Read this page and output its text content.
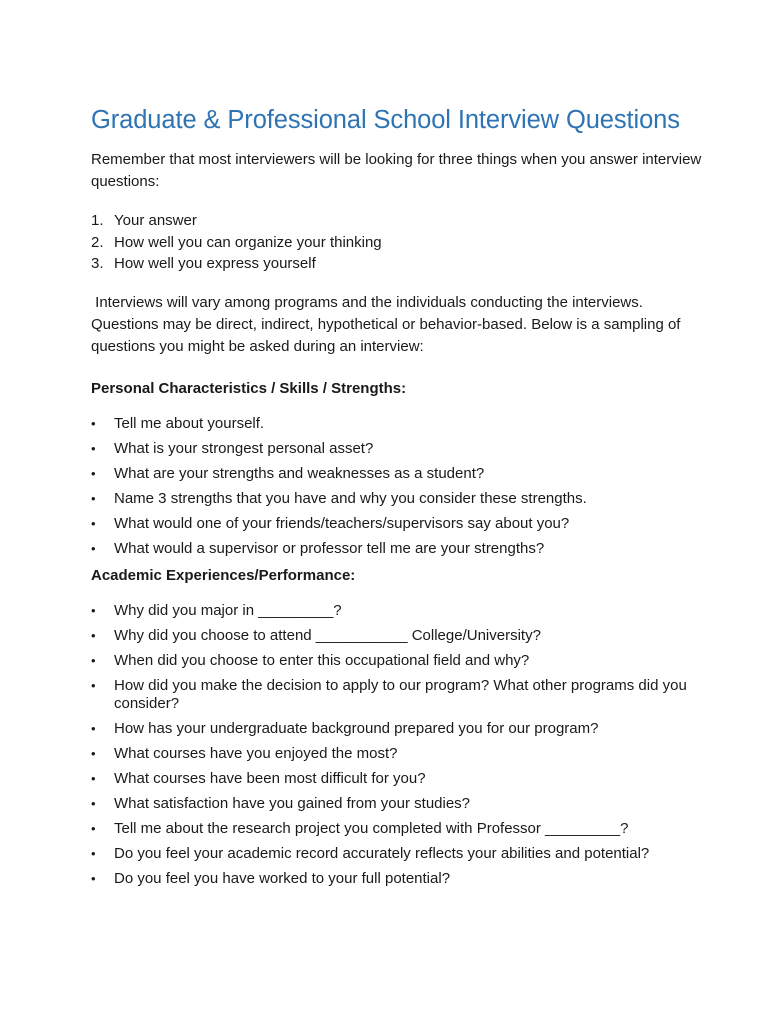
Graduate & Professional School Interview Questions

Remember that most interviewers will be looking for three things when you answer interview questions:

1. Your answer
2. How well you can organize your thinking
3. How well you express yourself

Interviews will vary among programs and the individuals conducting the interviews. Questions may be direct, indirect, hypothetical or behavior-based. Below is a sampling of questions you might be asked during an interview:

Personal Characteristics / Skills / Strengths:
• Tell me about yourself.
• What is your strongest personal asset?
• What are your strengths and weaknesses as a student?
• Name 3 strengths that you have and why you consider these strengths.
• What would one of your friends/teachers/supervisors say about you?
• What would a supervisor or professor tell me are your strengths?
Academic Experiences/Performance:
• Why did you major in _________?
• Why did you choose to attend ___________ College/University?
• When did you choose to enter this occupational field and why?
• How did you make the decision to apply to our program? What other programs did you consider?
• How has your undergraduate background prepared you for our program?
• What courses have you enjoyed the most?
• What courses have been most difficult for you?
• What satisfaction have you gained from your studies?
• Tell me about the research project you completed with Professor _________?
• Do you feel your academic record accurately reflects your abilities and potential?
• Do you feel you have worked to your full potential?
